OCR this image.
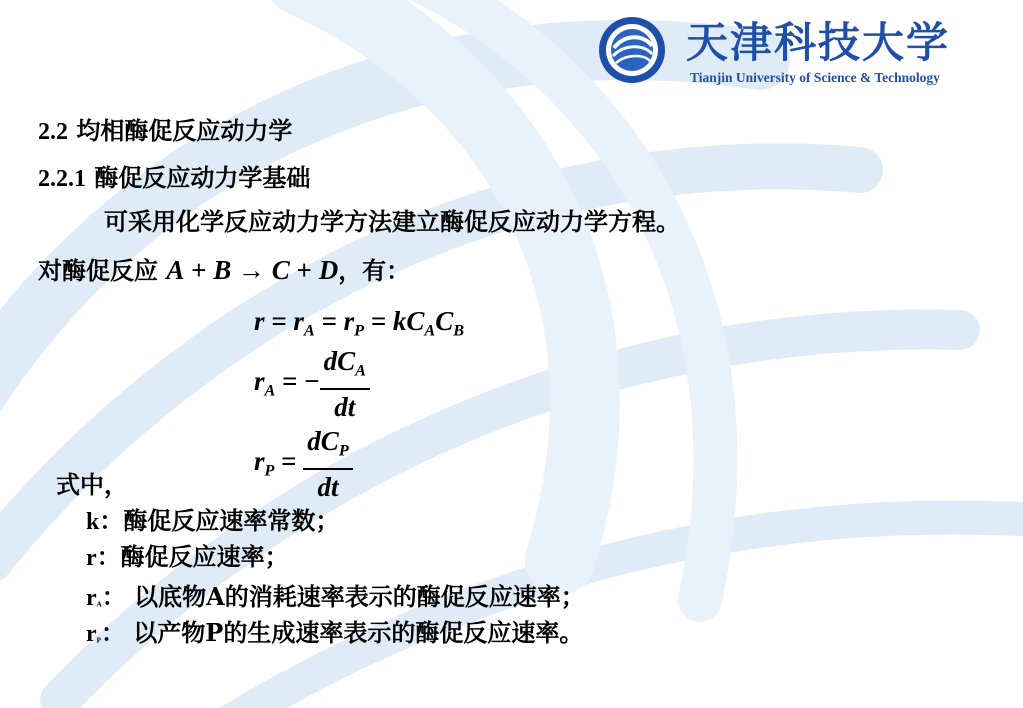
天津科技大学
Tianjin University of Science & Technology
2.2 均相酶促反应动力学
2.2.1 酶促反应动力学基础
可采用化学反应动力学方法建立酶促反应动力学方程。
对酶促反应 A + B → C + D，有：
$r = r_A = r_P = kC_AC_B$
$r_A$ = − $\frac{dC_A}{dt}$
$r_P = \frac{dC_P}{dt}$
式中，
k：酶促反应速率常数；
r：酶促反应速率；
rA： 以底物A的消耗速率表示的酶促反应速率；
rP： 以产物P的生成速率表示的酶促反应速率。
